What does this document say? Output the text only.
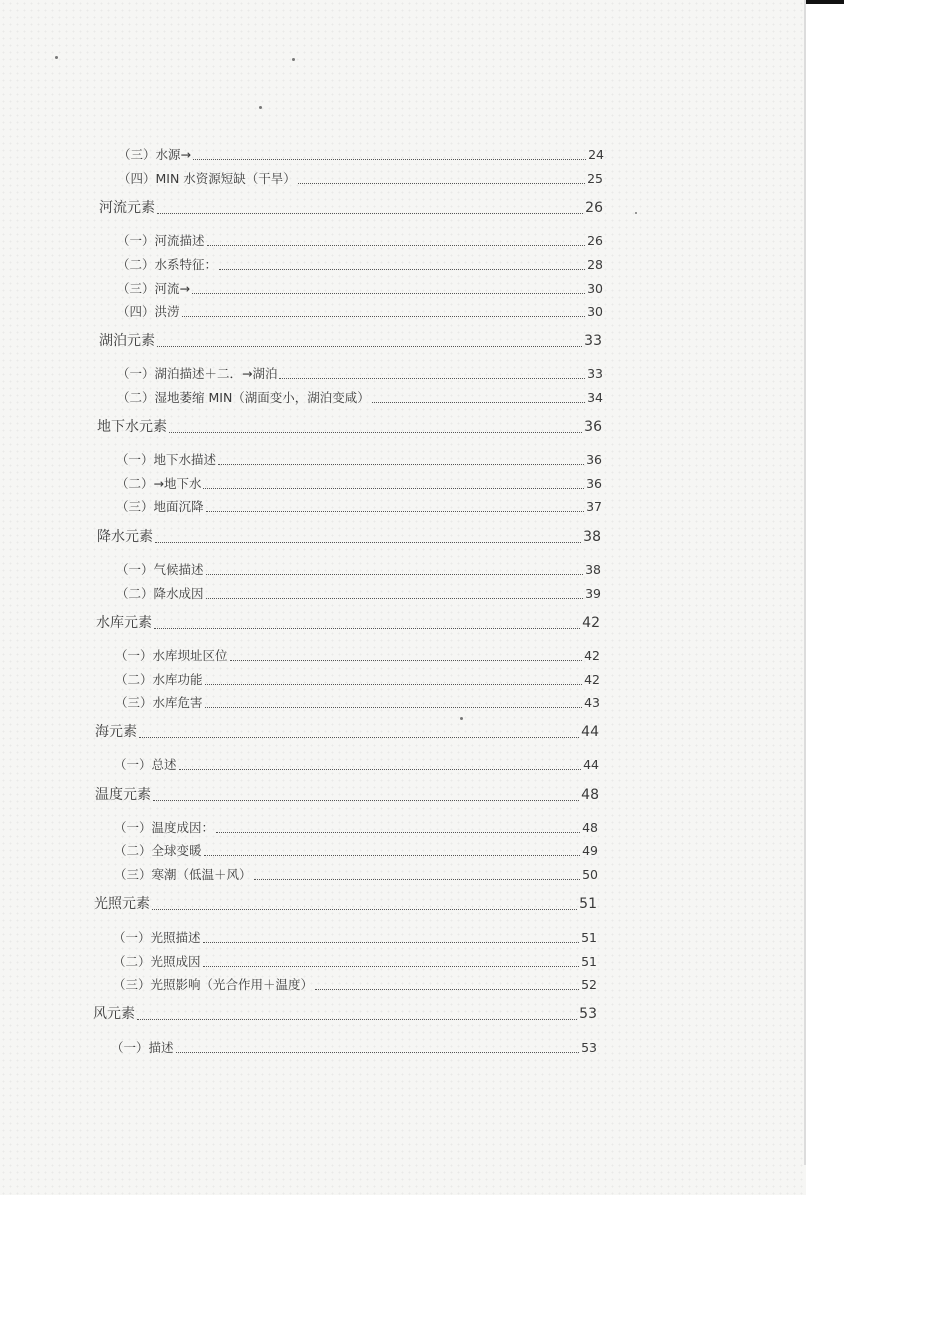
（三）水源→	24
（四）MIN 水资源短缺（干旱）	25
河流元素	26
（一）河流描述	26
（二）水系特征：	28
（三）河流→	30
（四）洪涝	30
湖泊元素	33
（一）湖泊描述＋二．→湖泊	33
（二）湿地萎缩 MIN（湖面变小，湖泊变咸）	34
地下水元素	36
（一）地下水描述	36
（二）→地下水	36
（三）地面沉降	37
降水元素	38
（一）气候描述	38
（二）降水成因	39
水库元素	42
（一）水库坝址区位	42
（二）水库功能	42
（三）水库危害	43
海元素	44
（一）总述	44
温度元素	48
（一）温度成因：	48
（二）全球变暖	49
（三）寒潮（低温＋风）	50
光照元素	51
（一）光照描述	51
（二）光照成因	51
（三）光照影响（光合作用＋温度）	52
风元素	53
（一）描述	53
